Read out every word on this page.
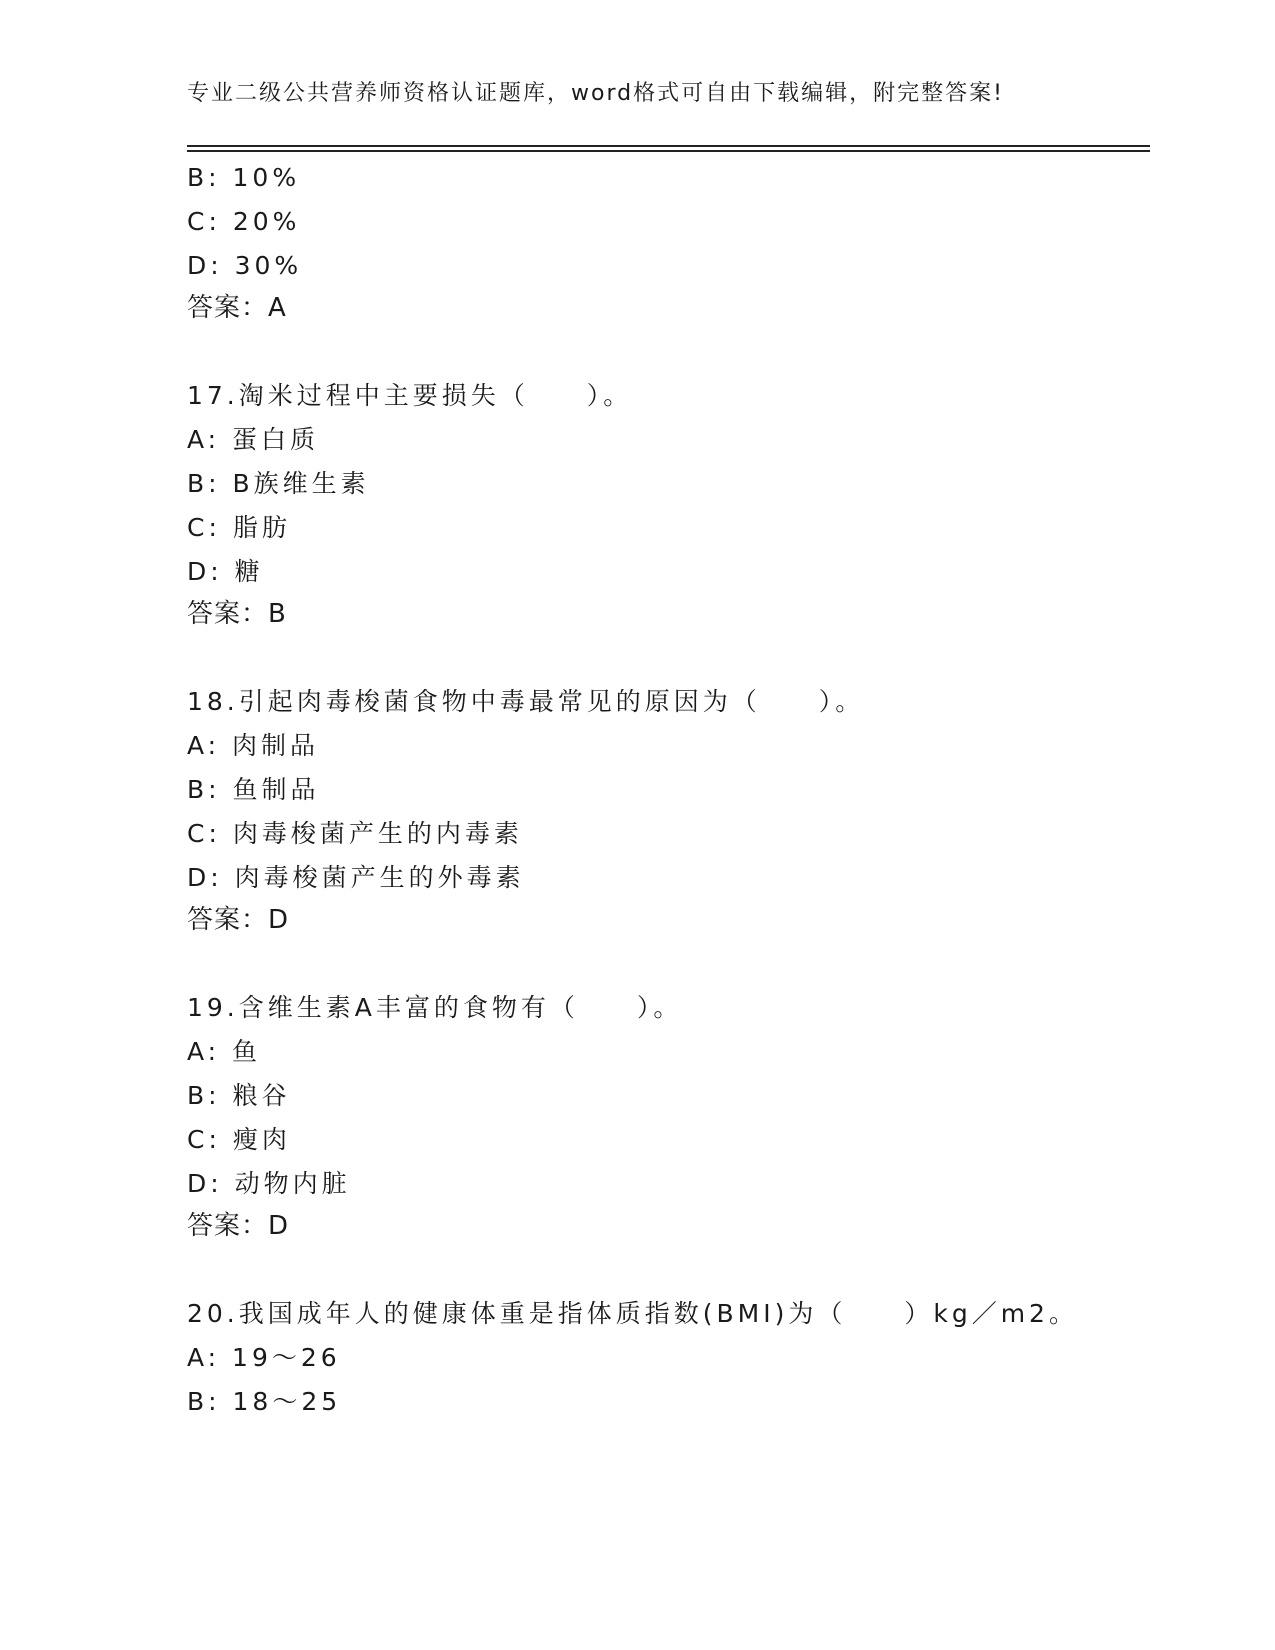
专业二级公共营养师资格认证题库，word格式可自由下载编辑，附完整答案!
B: 10%
C: 20%
D: 30%
答案：A
17.淘米过程中主要损失（　　）。
A: 蛋白质
B: B族维生素
C: 脂肪
D: 糖
答案：B
18.引起肉毒梭菌食物中毒最常见的原因为（　　）。
A: 肉制品
B: 鱼制品
C: 肉毒梭菌产生的内毒素
D: 肉毒梭菌产生的外毒素
答案：D
19.含维生素A丰富的食物有（　　）。
A: 鱼
B: 粮谷
C: 瘦肉
D: 动物内脏
答案：D
20.我国成年人的健康体重是指体质指数(BMI)为（　　）kg／m2。
A: 19～26
B: 18～25
